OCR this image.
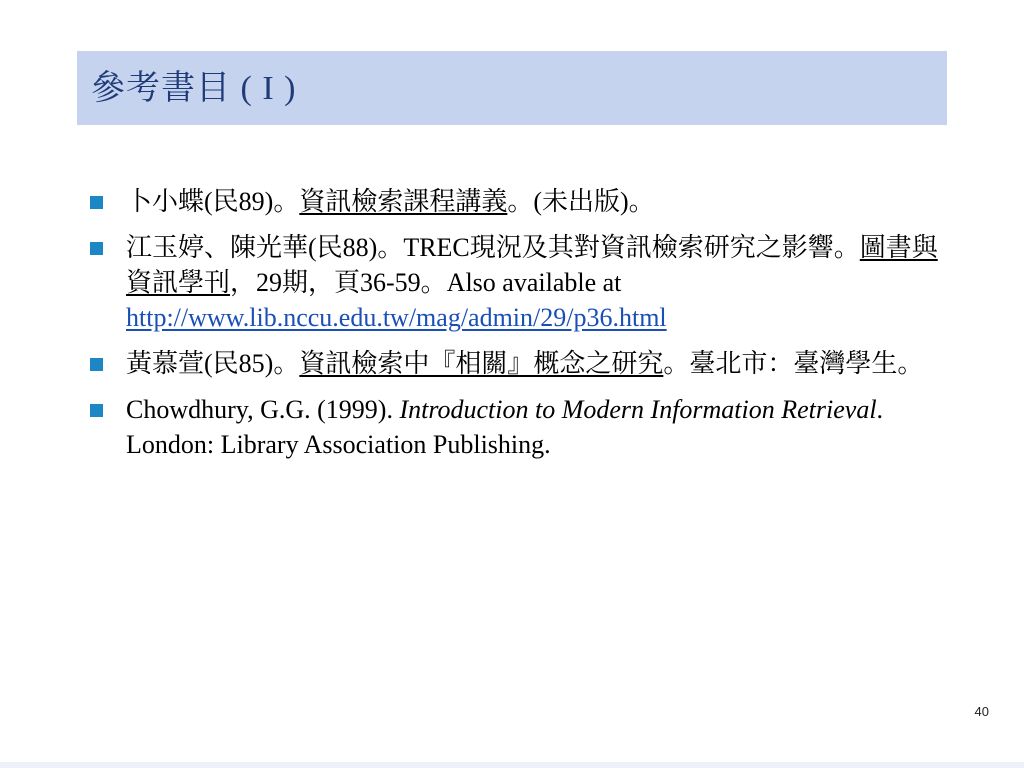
參考書目 ( I )
卜小蝶(民89)。資訊檢索課程講義。(未出版)。
江玉婷、陳光華(民88)。TREC現況及其對資訊檢索研究之影響。圖書與資訊學刊，29期，頁36-59。Also available at http://www.lib.nccu.edu.tw/mag/admin/29/p36.html
黃慕萱(民85)。資訊檢索中『相關』概念之研究。臺北市：臺灣學生。
Chowdhury, G.G. (1999). Introduction to Modern Information Retrieval. London: Library Association Publishing.
40
